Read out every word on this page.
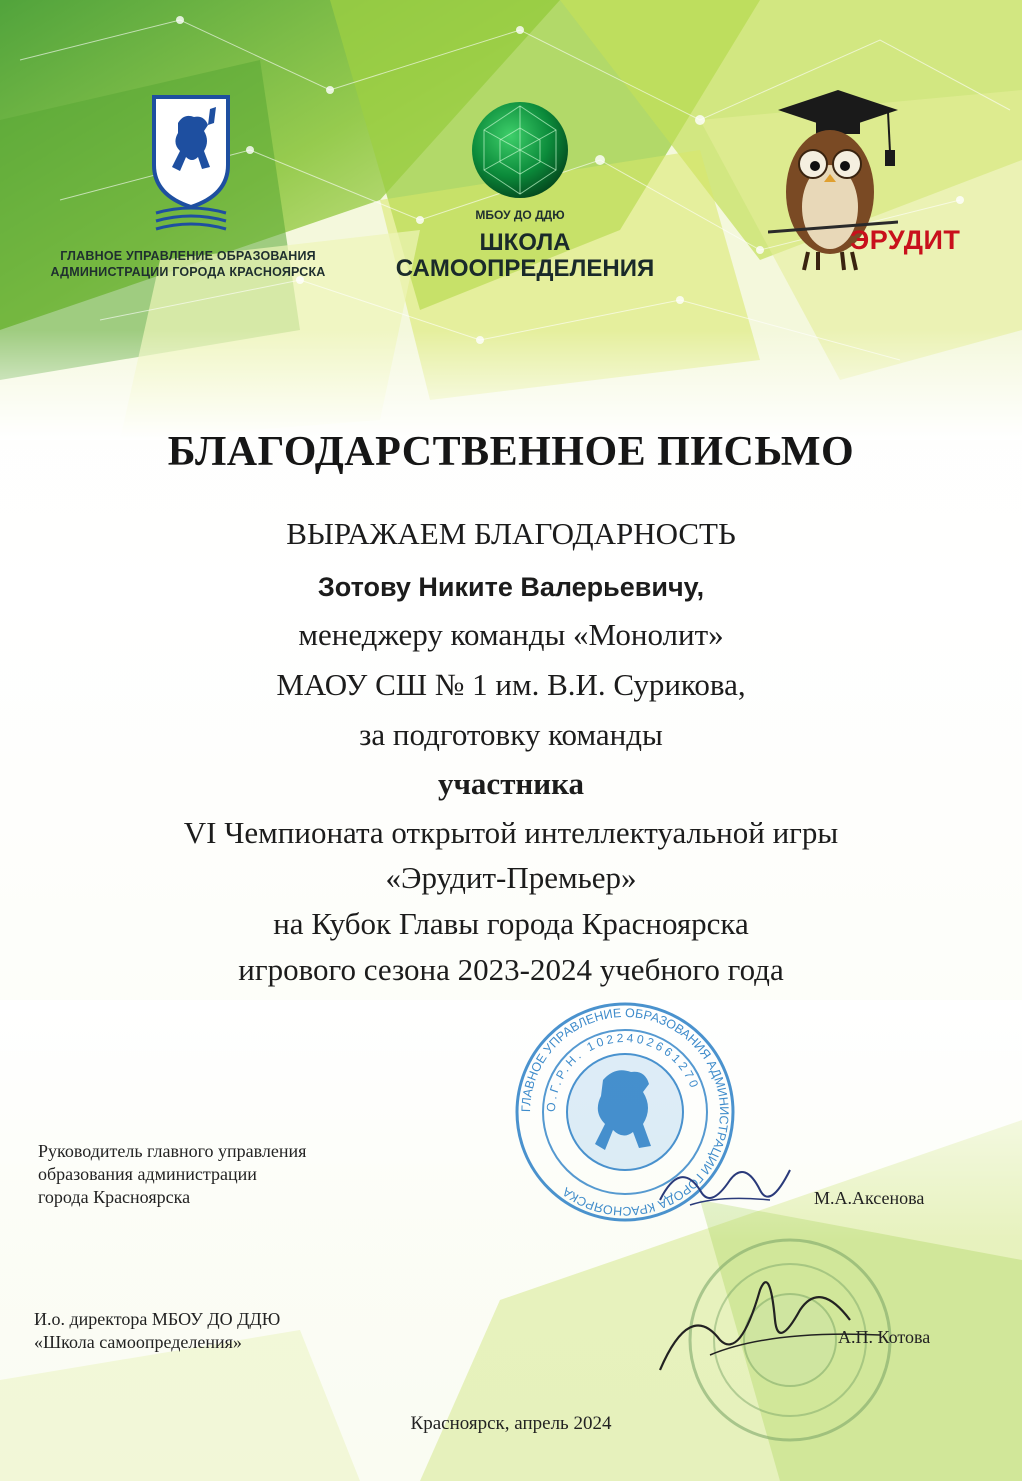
ГЛАВНОЕ УПРАВЛЕНИЕ ОБРАЗОВАНИЯ
АДМИНИСТРАЦИИ ГОРОДА КРАСНОЯРСКА
МБОУ ДО ДДЮ
ШКОЛА
САМООПРЕДЕЛЕНИЯ
ЭРУДИТ
БЛАГОДАРСТВЕННОЕ ПИСЬМО
ВЫРАЖАЕМ БЛАГОДАРНОСТЬ
Зотову Никите Валерьевичу,
менеджеру команды «Монолит»
МАОУ СШ № 1 им. В.И. Сурикова,
за подготовку команды
участника
VI Чемпионата открытой интеллектуальной игры
«Эрудит-Премьер»
на Кубок Главы города Красноярска
игрового сезона 2023-2024 учебного года
ГЛАВНОЕ УПРАВЛЕНИЕ ОБРАЗОВАНИЯ АДМИНИСТРАЦИИ ГОРОДА КРАСНОЯРСКА
О.Г.Р.Н. 1022402661270
Руководитель главного управления
образования администрации
города Красноярска	М.А.Аксенова
И.о. директора МБОУ ДО ДДЮ
«Школа самоопределения»	А.П. Котова
Красноярск, апрель 2024
